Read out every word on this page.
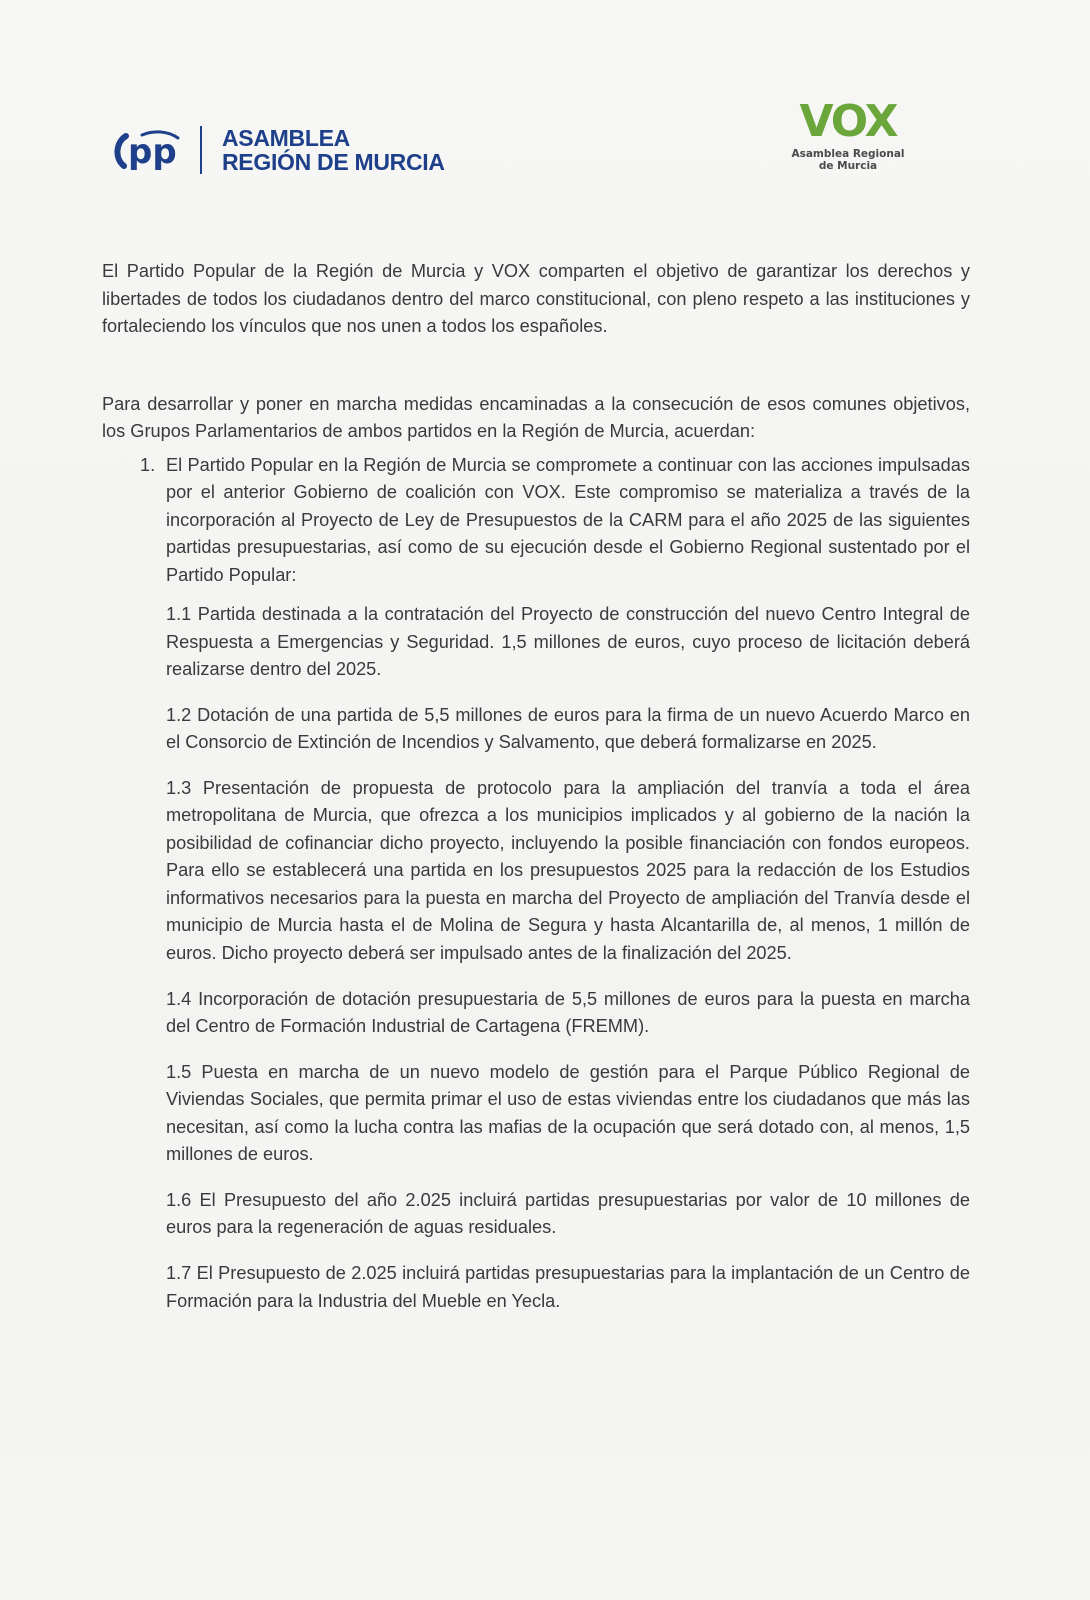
pp ASAMBLEA
REGIÓN DE MURCIA
VOX
Asamblea Regional
de Murcia

El Partido Popular de la Región de Murcia y VOX comparten el objetivo de garantizar los derechos y libertades de todos los ciudadanos dentro del marco constitucional, con pleno respeto a las instituciones y fortaleciendo los vínculos que nos unen a todos los españoles.

Para desarrollar y poner en marcha medidas encaminadas a la consecución de esos comunes objetivos, los Grupos Parlamentarios de ambos partidos en la Región de Murcia, acuerdan:

1. El Partido Popular en la Región de Murcia se compromete a continuar con las acciones impulsadas por el anterior Gobierno de coalición con VOX. Este compromiso se materializa a través de la incorporación al Proyecto de Ley de Presupuestos de la CARM para el año 2025 de las siguientes partidas presupuestarias, así como de su ejecución desde el Gobierno Regional sustentado por el Partido Popular:

1.1 Partida destinada a la contratación del Proyecto de construcción del nuevo Centro Integral de Respuesta a Emergencias y Seguridad. 1,5 millones de euros, cuyo proceso de licitación deberá realizarse dentro del 2025.

1.2 Dotación de una partida de 5,5 millones de euros para la firma de un nuevo Acuerdo Marco en el Consorcio de Extinción de Incendios y Salvamento, que deberá formalizarse en 2025.

1.3 Presentación de propuesta de protocolo para la ampliación del tranvía a toda el área metropolitana de Murcia, que ofrezca a los municipios implicados y al gobierno de la nación la posibilidad de cofinanciar dicho proyecto, incluyendo la posible financiación con fondos europeos. Para ello se establecerá una partida en los presupuestos 2025 para la redacción de los Estudios informativos necesarios para la puesta en marcha del Proyecto de ampliación del Tranvía desde el municipio de Murcia hasta el de Molina de Segura y hasta Alcantarilla de, al menos, 1 millón de euros. Dicho proyecto deberá ser impulsado antes de la finalización del 2025.

1.4 Incorporación de dotación presupuestaria de 5,5 millones de euros para la puesta en marcha del Centro de Formación Industrial de Cartagena (FREMM).

1.5 Puesta en marcha de un nuevo modelo de gestión para el Parque Público Regional de Viviendas Sociales, que permita primar el uso de estas viviendas entre los ciudadanos que más las necesitan, así como la lucha contra las mafias de la ocupación que será dotado con, al menos, 1,5 millones de euros.

1.6 El Presupuesto del año 2.025 incluirá partidas presupuestarias por valor de 10 millones de euros para la regeneración de aguas residuales.

1.7 El Presupuesto de 2.025 incluirá partidas presupuestarias para la implantación de un Centro de Formación para la Industria del Mueble en Yecla.
